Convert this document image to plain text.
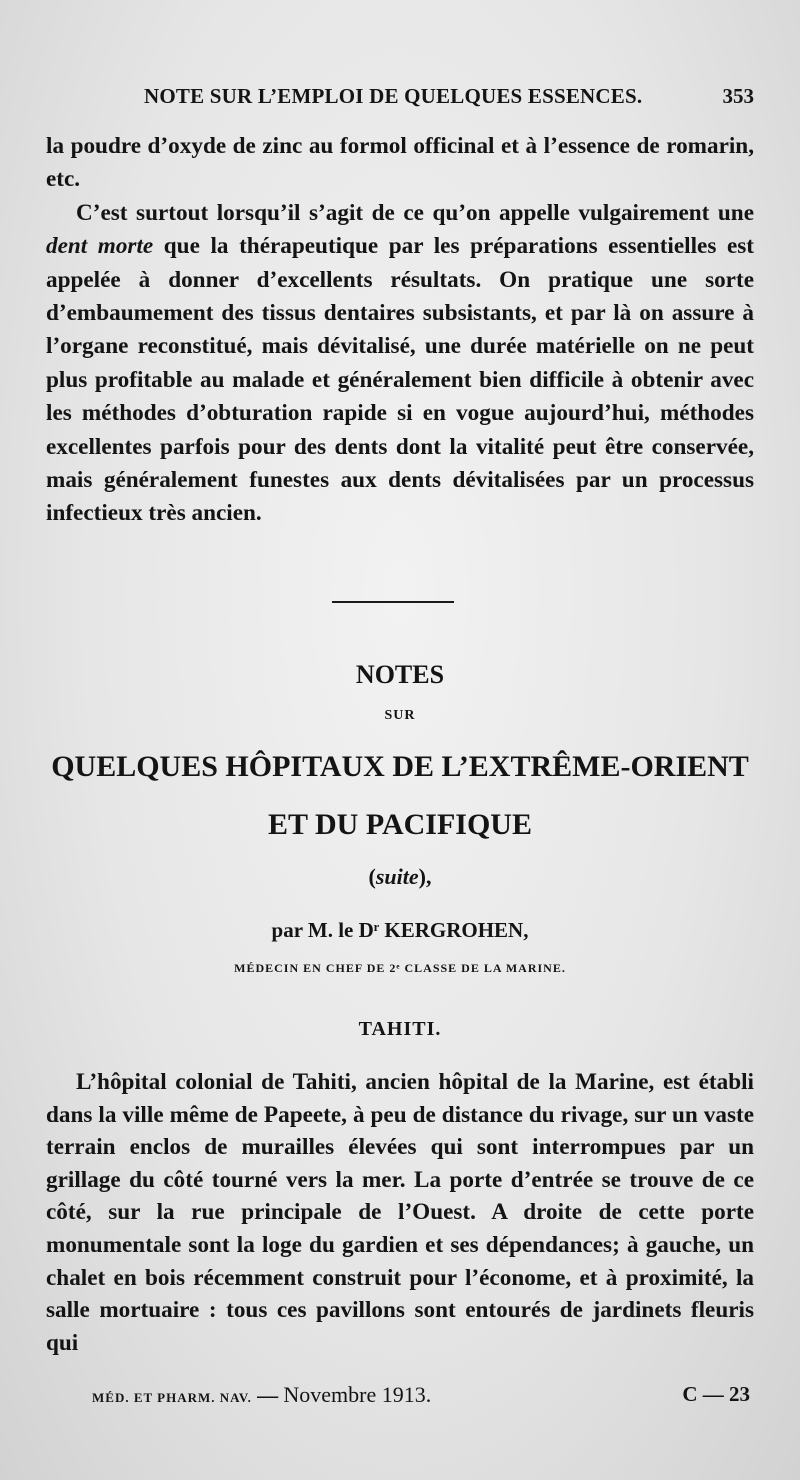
NOTE SUR L’EMPLOI DE QUELQUES ESSENCES.	353

la poudre d’oxyde de zinc au formol officinal et à l’essence de romarin, etc.

C’est surtout lorsqu’il s’agit de ce qu’on appelle vulgairement une dent morte que la thérapeutique par les préparations essentielles est appelée à donner d’excellents résultats. On pratique une sorte d’embaumement des tissus dentaires subsistants, et par là on assure à l’organe reconstitué, mais dévitalisé, une durée matérielle on ne peut plus profitable au malade et généralement bien difficile à obtenir avec les méthodes d’obturation rapide si en vogue aujourd’hui, méthodes excellentes parfois pour des dents dont la vitalité peut être conservée, mais généralement funestes aux dents dévitalisées par un processus infectieux très ancien.

NOTES

SUR

QUELQUES HÔPITAUX DE L’EXTRÊME-ORIENT

ET DU PACIFIQUE

(suite),

par M. le Dʳ KERGROHEN,

MÉDECIN EN CHEF DE 2ᵉ CLASSE DE LA MARINE.

TAHITI.

L’hôpital colonial de Tahiti, ancien hôpital de la Marine, est établi dans la ville même de Papeete, à peu de distance du rivage, sur un vaste terrain enclos de murailles élevées qui sont interrompues par un grillage du côté tourné vers la mer. La porte d’entrée se trouve de ce côté, sur la rue principale de l’Ouest. A droite de cette porte monumentale sont la loge du gardien et ses dépendances; à gauche, un chalet en bois récemment construit pour l’économe, et à proximité, la salle mortuaire : tous ces pavillons sont entourés de jardinets fleuris qui

MÉD. ET PHARM. NAV. — Novembre 1913.	C — 23
